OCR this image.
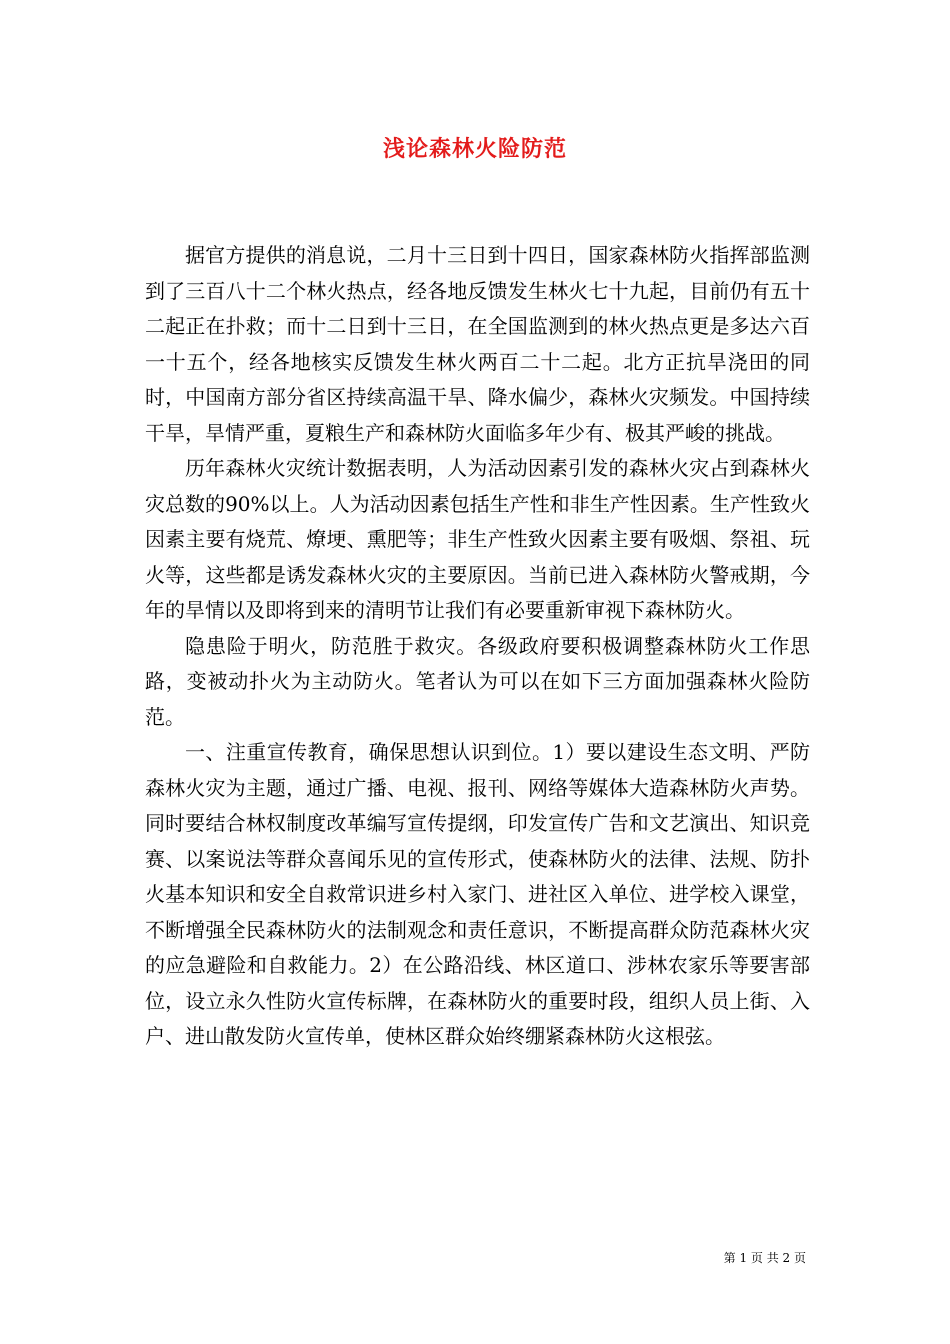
浅论森林火险防范

据官方提供的消息说，二月十三日到十四日，国家森林防火指挥部监测到了三百八十二个林火热点，经各地反馈发生林火七十九起，目前仍有五十二起正在扑救；而十二日到十三日，在全国监测到的林火热点更是多达六百一十五个，经各地核实反馈发生林火两百二十二起。北方正抗旱浇田的同时，中国南方部分省区持续高温干旱、降水偏少，森林火灾频发。中国持续干旱，旱情严重，夏粮生产和森林防火面临多年少有、极其严峻的挑战。

历年森林火灾统计数据表明，人为活动因素引发的森林火灾占到森林火灾总数的90%以上。人为活动因素包括生产性和非生产性因素。生产性致火因素主要有烧荒、燎埂、熏肥等；非生产性致火因素主要有吸烟、祭祖、玩火等，这些都是诱发森林火灾的主要原因。当前已进入森林防火警戒期，今年的旱情以及即将到来的清明节让我们有必要重新审视下森林防火。

隐患险于明火，防范胜于救灾。各级政府要积极调整森林防火工作思路，变被动扑火为主动防火。笔者认为可以在如下三方面加强森林火险防范。

一、注重宣传教育，确保思想认识到位。1）要以建设生态文明、严防森林火灾为主题，通过广播、电视、报刊、网络等媒体大造森林防火声势。同时要结合林权制度改革编写宣传提纲，印发宣传广告和文艺演出、知识竞赛、以案说法等群众喜闻乐见的宣传形式，使森林防火的法律、法规、防扑火基本知识和安全自救常识进乡村入家门、进社区入单位、进学校入课堂，不断增强全民森林防火的法制观念和责任意识，不断提高群众防范森林火灾的应急避险和自救能力。2）在公路沿线、林区道口、涉林农家乐等要害部位，设立永久性防火宣传标牌，在森林防火的重要时段，组织人员上街、入户、进山散发防火宣传单，使林区群众始终绷紧森林防火这根弦。

第 1 页 共 2 页
